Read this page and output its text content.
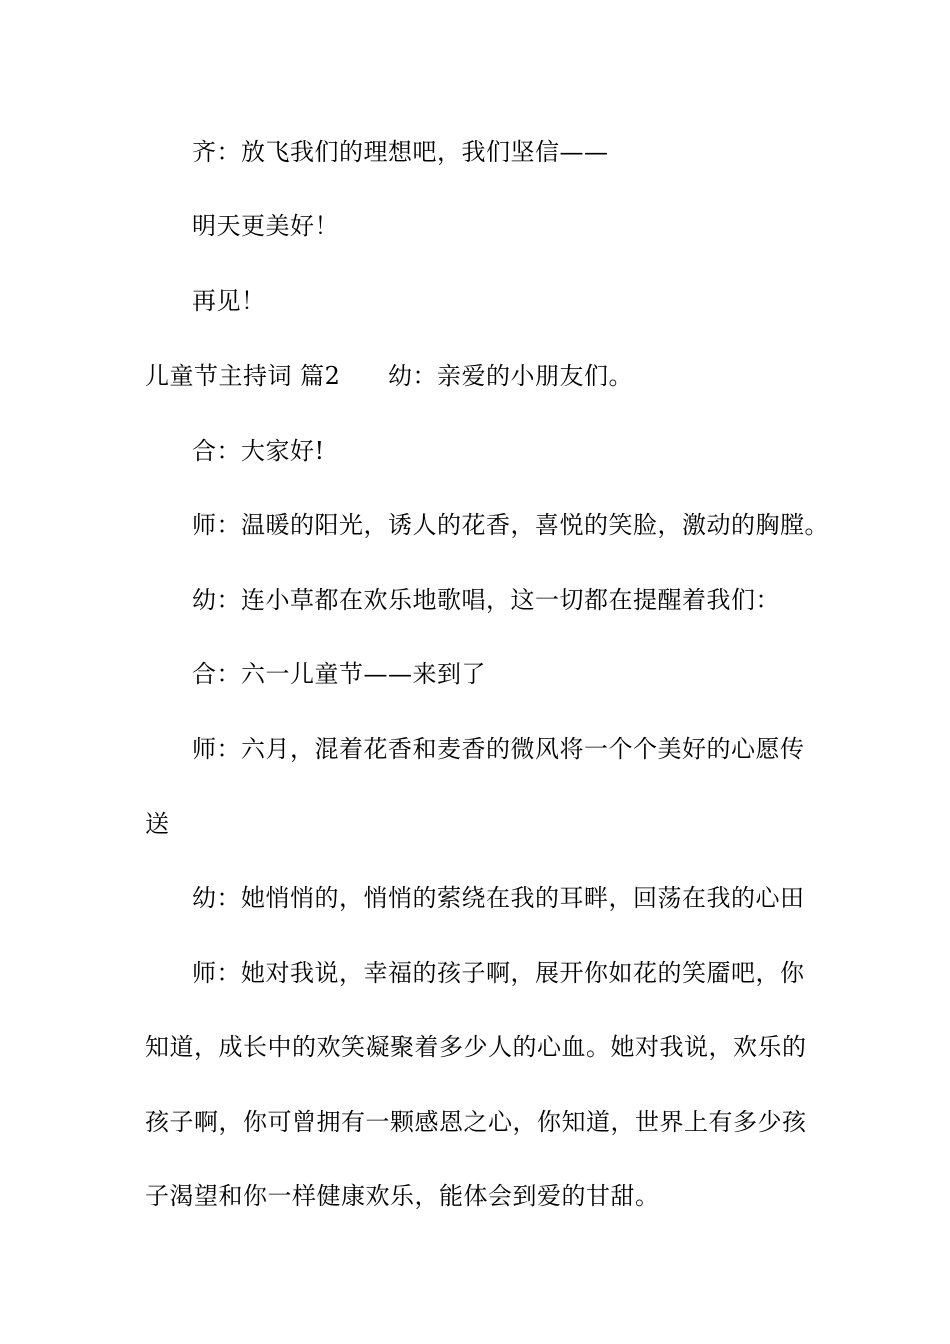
齐：放飞我们的理想吧，我们坚信——
明天更美好！
再见！
儿童节主持词 篇2 幼：亲爱的小朋友们。
合：大家好!
师：温暖的阳光，诱人的花香，喜悦的笑脸，激动的胸膛。
幼：连小草都在欢乐地歌唱，这一切都在提醒着我们：
合：六一儿童节——来到了
师：六月，混着花香和麦香的微风将一个个美好的心愿传
送
幼：她悄悄的，悄悄的萦绕在我的耳畔，回荡在我的心田
师：她对我说，幸福的孩子啊，展开你如花的笑靥吧，你
知道，成长中的欢笑凝聚着多少人的心血。她对我说，欢乐的
孩子啊，你可曾拥有一颗感恩之心，你知道，世界上有多少孩
子渴望和你一样健康欢乐，能体会到爱的甘甜。
